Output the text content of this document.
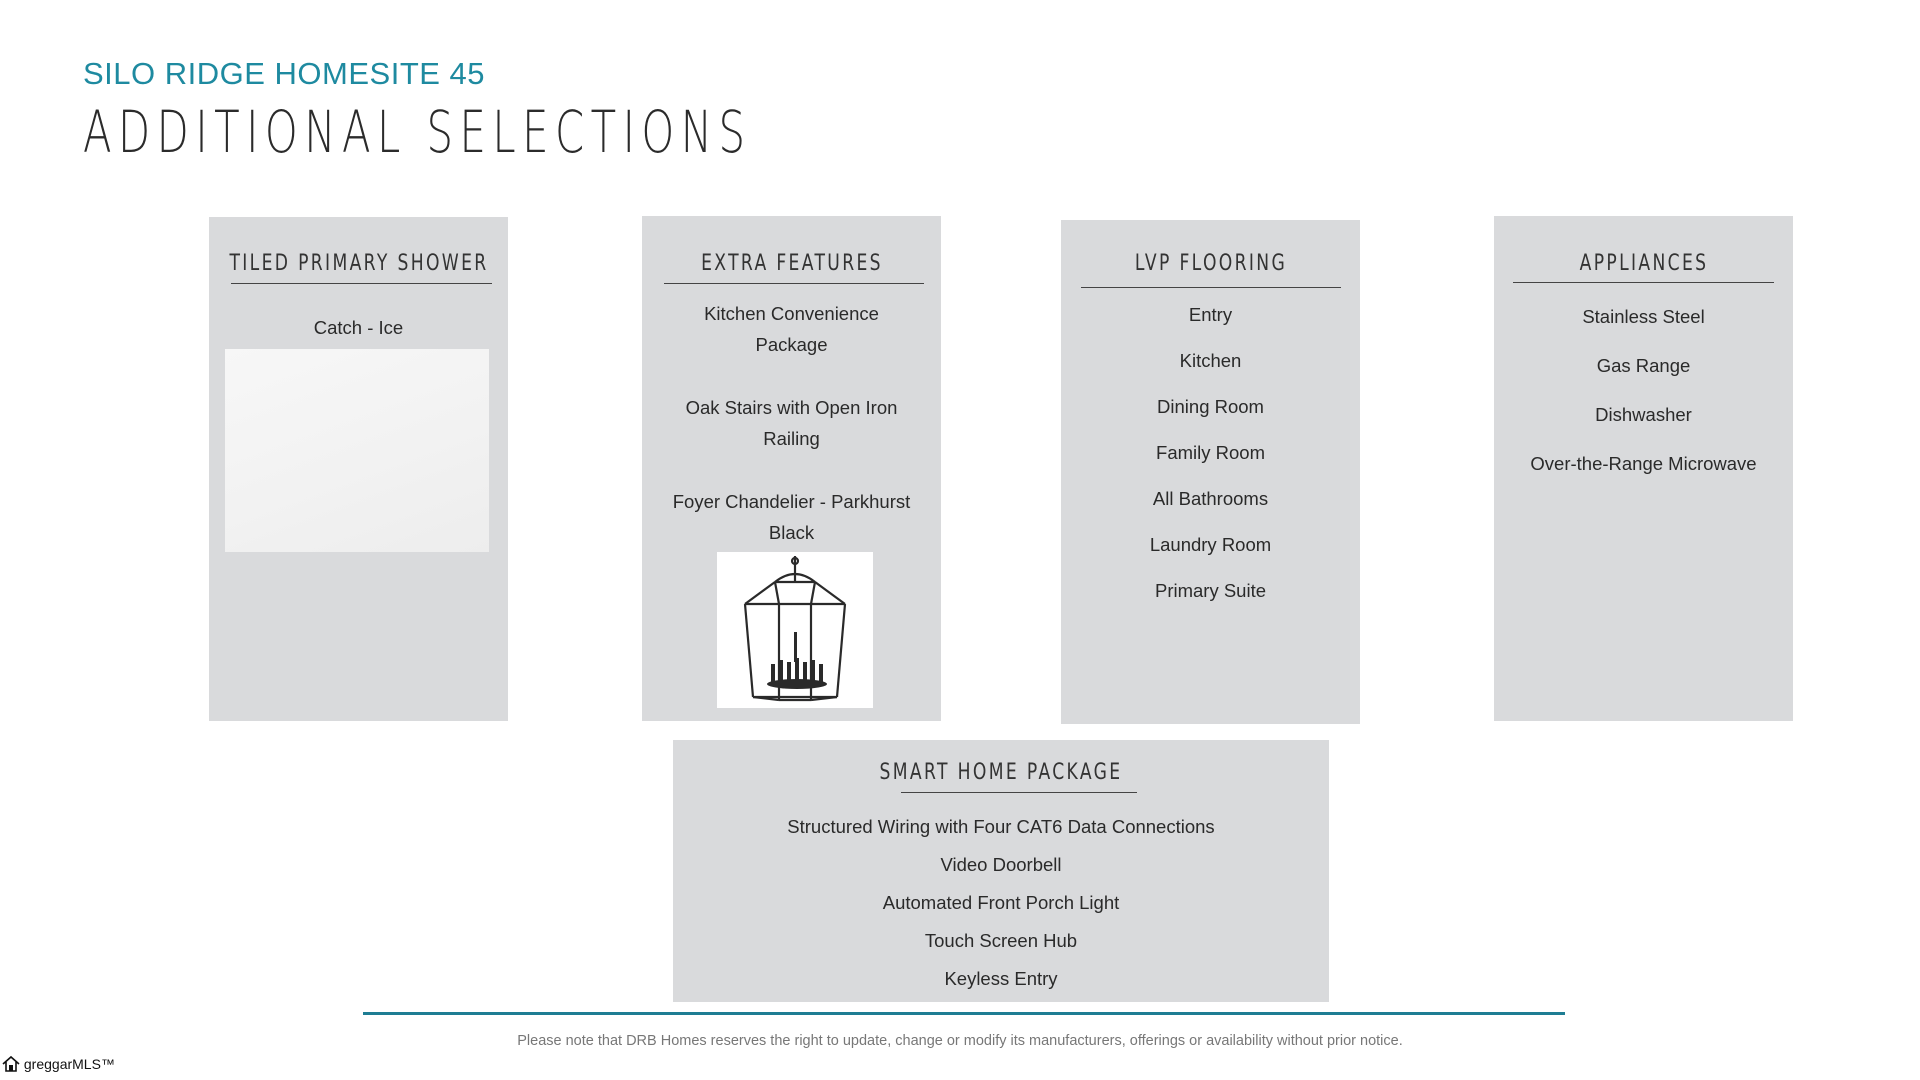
SILO RIDGE HOMESITE 45
ADDITIONAL SELECTIONS
TILED PRIMARY SHOWER
Catch - Ice
EXTRA FEATURES
Kitchen Convenience
Package
Oak Stairs with Open Iron
Railing
Foyer Chandelier - Parkhurst
Black
LVP FLOORING
Entry
Kitchen
Dining Room
Family Room
All Bathrooms
Laundry Room
Primary Suite
APPLIANCES
Stainless Steel
Gas Range
Dishwasher
Over-the-Range Microwave
SMART HOME PACKAGE
Structured Wiring with Four CAT6 Data Connections
Video Doorbell
Automated Front Porch Light
Touch Screen Hub
Keyless Entry
Please note that DRB Homes reserves the right to update, change or modify its manufacturers, offerings or availability without prior notice.
greggarMLS™
